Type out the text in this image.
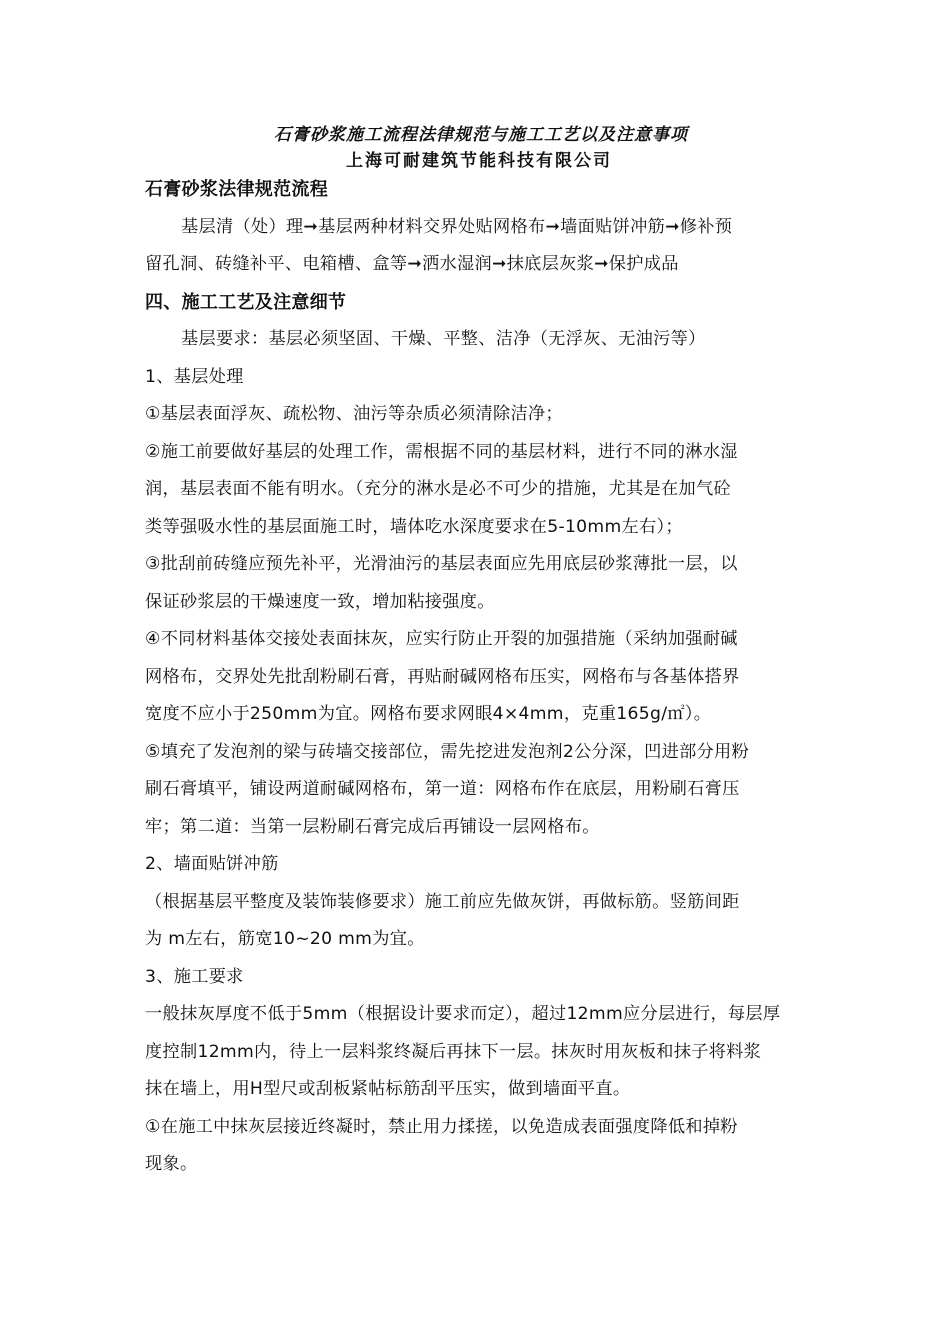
石膏砂浆施工流程法律规范与施工工艺以及注意事项
上海可耐建筑节能科技有限公司
石膏砂浆法律规范流程
基层清（处）理➞基层两种材料交界处贴网格布➞墙面贴饼冲筋➞修补预
留孔洞、砖缝补平、电箱槽、盒等➞洒水湿润➞抹底层灰浆➞保护成品
四、施工工艺及注意细节
基层要求：基层必须坚固、干燥、平整、洁净（无浮灰、无油污等）
1、基层处理
①基层表面浮灰、疏松物、油污等杂质必须清除洁净；
②施工前要做好基层的处理工作，需根据不同的基层材料，进行不同的淋水湿
润，基层表面不能有明水。（充分的淋水是必不可少的措施，尤其是在加气砼
类等强吸水性的基层面施工时，墙体吃水深度要求在5-10mm左右）；
③批刮前砖缝应预先补平，光滑油污的基层表面应先用底层砂浆薄批一层，以
保证砂浆层的干燥速度一致，增加粘接强度。
④不同材料基体交接处表面抹灰，应实行防止开裂的加强措施（采纳加强耐碱
网格布，交界处先批刮粉刷石膏，再贴耐碱网格布压实，网格布与各基体搭界
宽度不应小于250mm为宜。网格布要求网眼4×4mm，克重165g/㎡）。
⑤填充了发泡剂的梁与砖墙交接部位，需先挖进发泡剂2公分深，凹进部分用粉
刷石膏填平，铺设两道耐碱网格布，第一道：网格布作在底层，用粉刷石膏压
牢；第二道：当第一层粉刷石膏完成后再铺设一层网格布。
2、墙面贴饼冲筋
（根据基层平整度及装饰装修要求）施工前应先做灰饼，再做标筋。竖筋间距
为 m左右，筋宽10~20 mm为宜。
3、施工要求
一般抹灰厚度不低于5mm（根据设计要求而定），超过12mm应分层进行，每层厚
度控制12mm内，待上一层料浆终凝后再抹下一层。抹灰时用灰板和抹子将料浆
抹在墙上，用H型尺或刮板紧帖标筋刮平压实，做到墙面平直。
①在施工中抹灰层接近终凝时，禁止用力揉搓，以免造成表面强度降低和掉粉
现象。
